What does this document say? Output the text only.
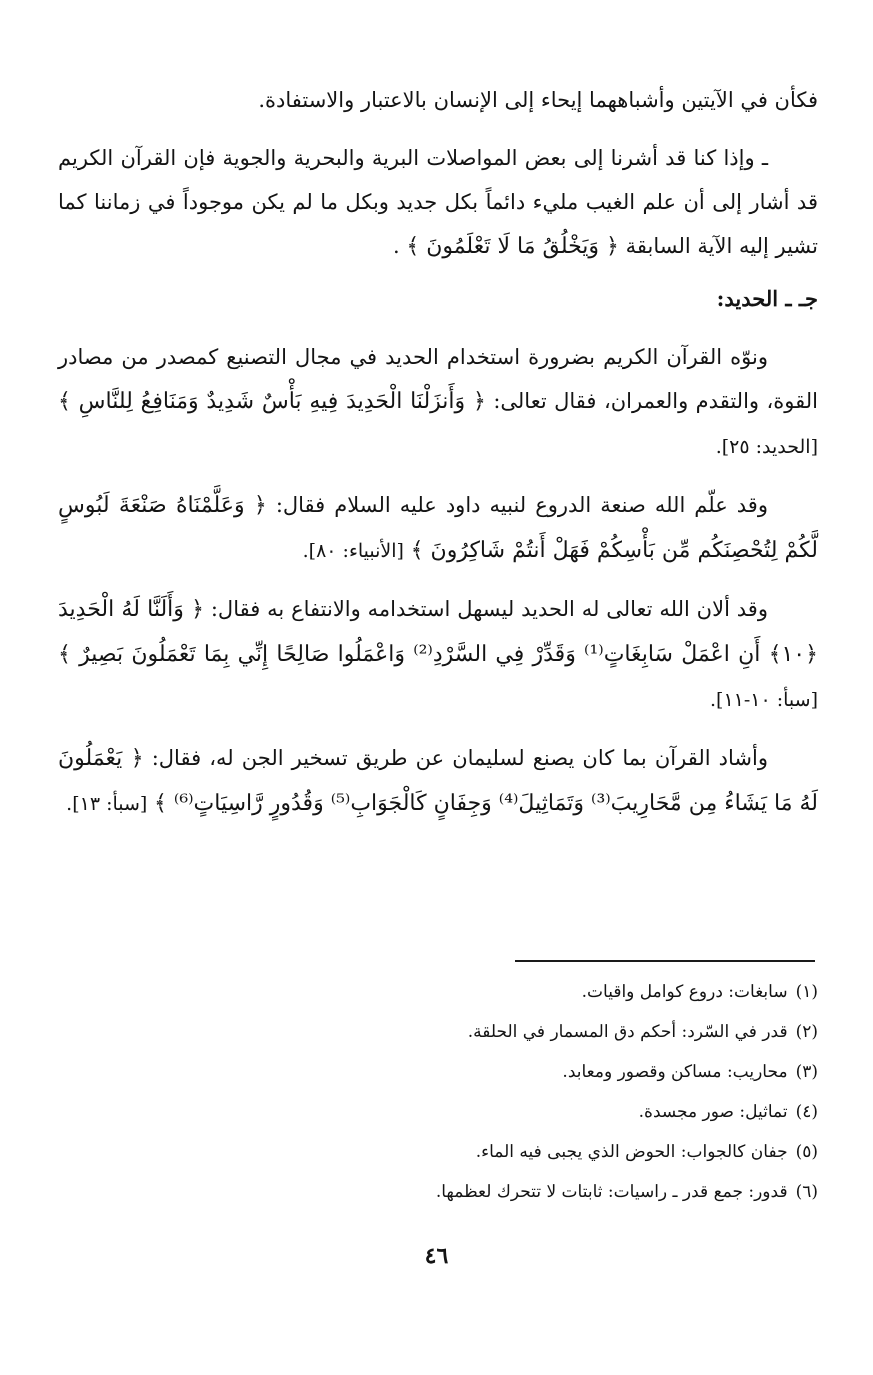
فكأن في الآيتين وأشباههما إيحاء إلى الإنسان بالاعتبار والاستفادة.

ـ وإذا كنا قد أشرنا إلى بعض المواصلات البرية والبحرية والجوية فإن القرآن الكريم قد أشار إلى أن علم الغيب مليء دائماً بكل جديد وبكل ما لم يكن موجوداً في زماننا كما تشير إليه الآية السابقة ﴿ وَيَخْلُقُ مَا لَا تَعْلَمُونَ ﴾ .

جـ ـ الحديد:

ونوّه القرآن الكريم بضرورة استخدام الحديد في مجال التصنيع كمصدر من مصادر القوة، والتقدم والعمران، فقال تعالى: ﴿ وَأَنزَلْنَا الْحَدِيدَ فِيهِ بَأْسٌ شَدِيدٌ وَمَنَافِعُ لِلنَّاسِ ﴾ [الحديد: ٢٥].

وقد علّم الله صنعة الدروع لنبيه داود عليه السلام فقال: ﴿ وَعَلَّمْنَاهُ صَنْعَةَ لَبُوسٍ لَّكُمْ لِتُحْصِنَكُم مِّن بَأْسِكُمْ فَهَلْ أَنتُمْ شَاكِرُونَ ﴾ [الأنبياء: ٨٠].

وقد ألان الله تعالى له الحديد ليسهل استخدامه والانتفاع به فقال: ﴿ وَأَلَنَّا لَهُ الْحَدِيدَ ﴿١٠﴾ أَنِ اعْمَلْ سَابِغَاتٍ⁽¹⁾ وَقَدِّرْ فِي السَّرْدِ⁽²⁾ وَاعْمَلُوا صَالِحًا إِنِّي بِمَا تَعْمَلُونَ بَصِيرٌ ﴾ [سبأ: ١٠-١١].

وأشاد القرآن بما كان يصنع لسليمان عن طريق تسخير الجن له، فقال: ﴿ يَعْمَلُونَ لَهُ مَا يَشَاءُ مِن مَّحَارِيبَ⁽³⁾ وَتَمَاثِيلَ⁽⁴⁾ وَجِفَانٍ كَالْجَوَابِ⁽⁵⁾ وَقُدُورٍ رَّاسِيَاتٍ⁽⁶⁾ ﴾ [سبأ: ١٣].

(١)
سابغات: دروع كوامل واقيات.
(٢)
قدر في السّرد: أحكم دق المسمار في الحلقة.
(٣)
محاريب: مساكن وقصور ومعابد.
(٤)
تماثيل: صور مجسدة.
(٥)
جفان كالجواب: الحوض الذي يجبى فيه الماء.
(٦)
قدور: جمع قدر ـ راسيات: ثابتات لا تتحرك لعظمها.
٤٦
